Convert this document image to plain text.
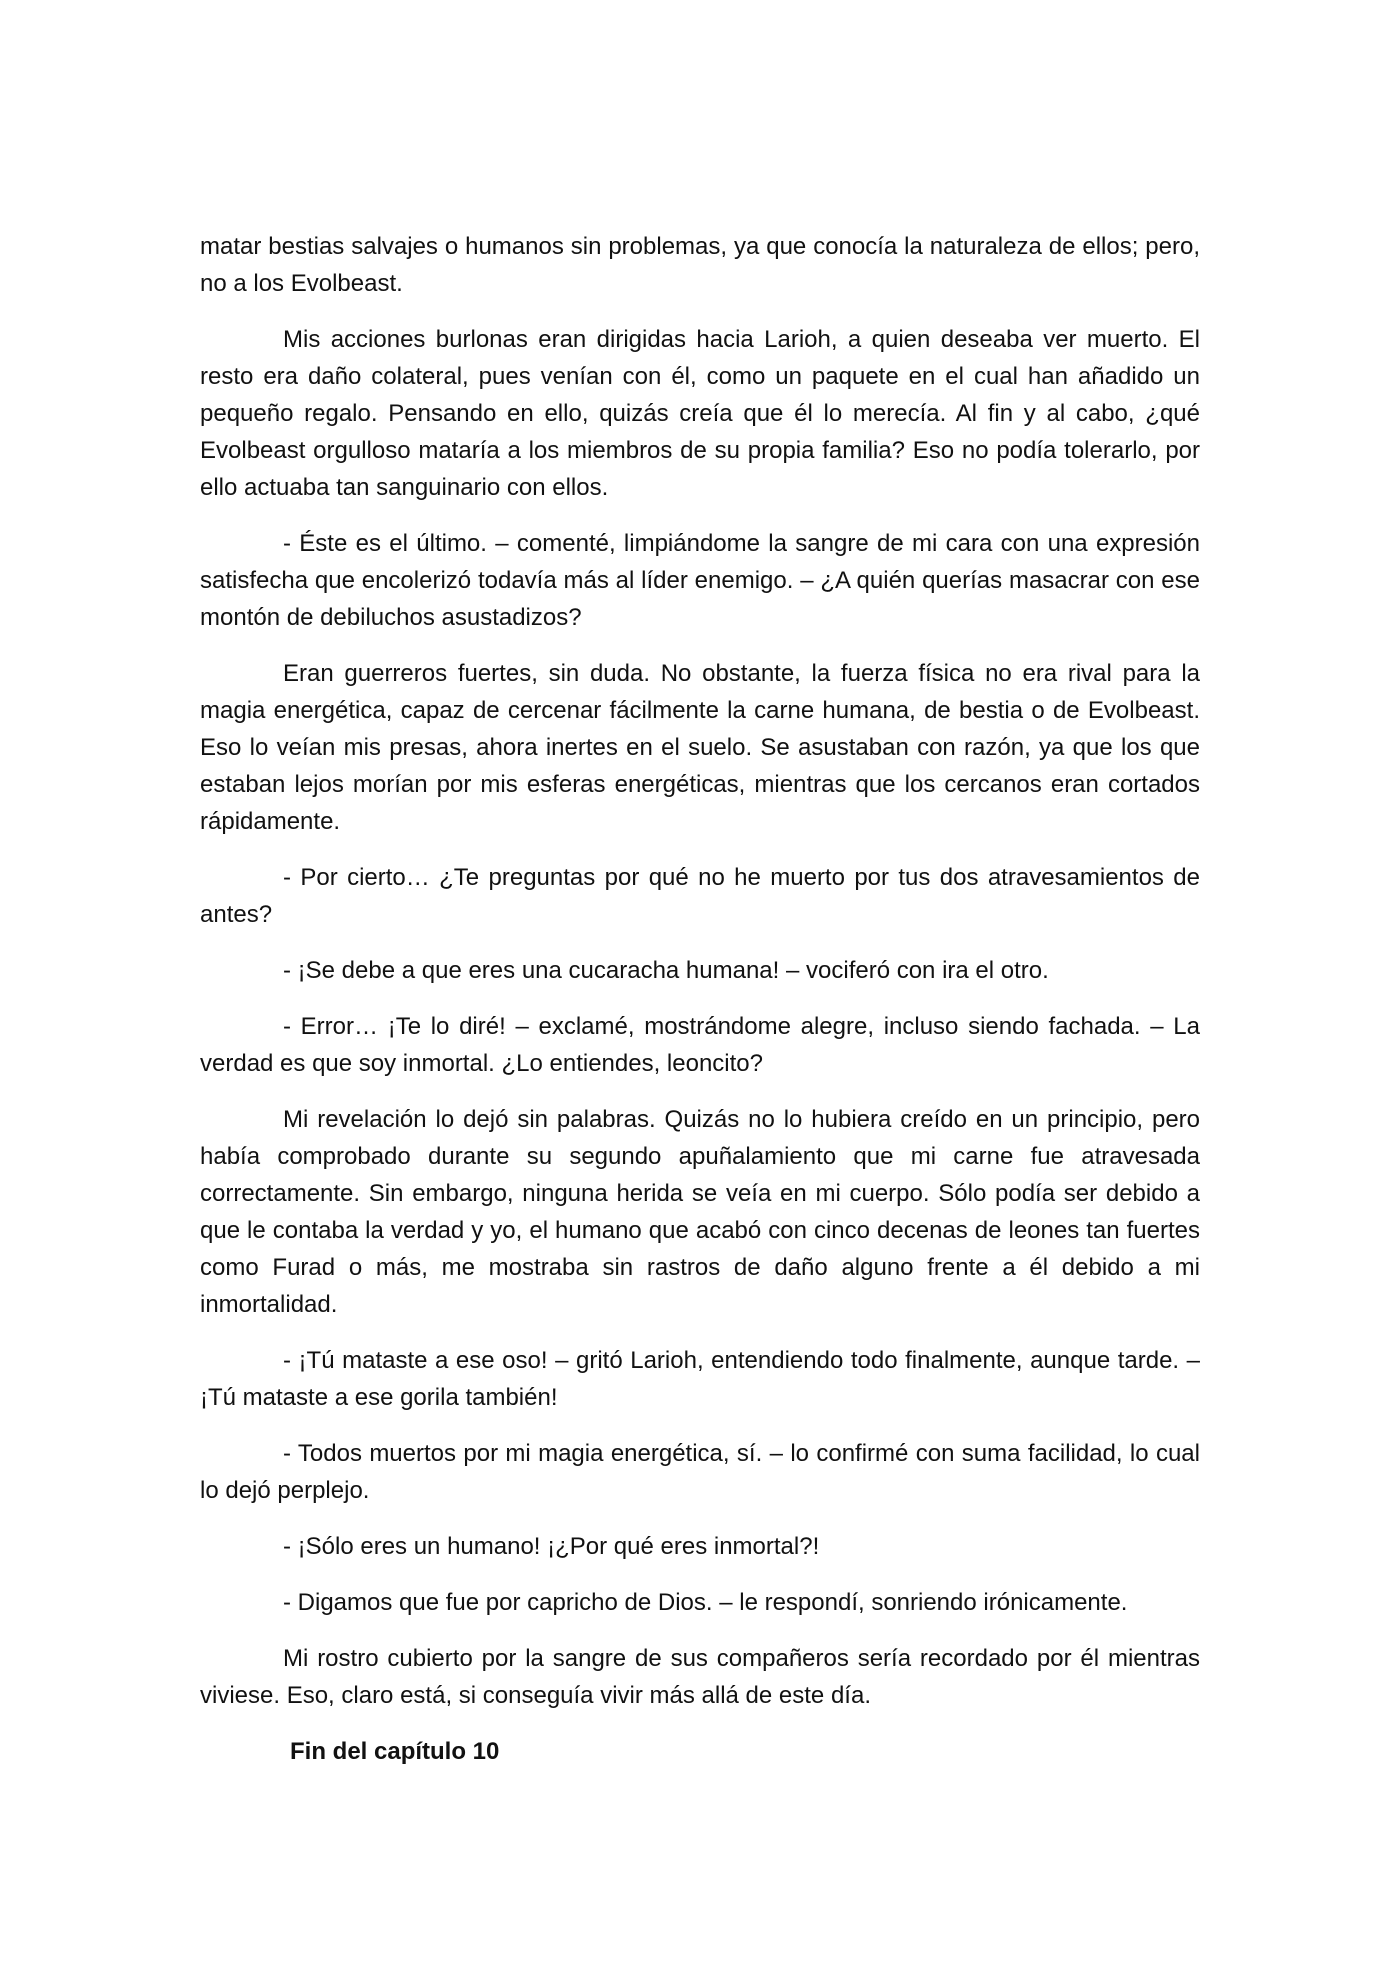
matar bestias salvajes o humanos sin problemas, ya que conocía la naturaleza de ellos; pero, no a los Evolbeast.

Mis acciones burlonas eran dirigidas hacia Larioh, a quien deseaba ver muerto. El resto era daño colateral, pues venían con él, como un paquete en el cual han añadido un pequeño regalo. Pensando en ello, quizás creía que él lo merecía. Al fin y al cabo, ¿qué Evolbeast orgulloso mataría a los miembros de su propia familia? Eso no podía tolerarlo, por ello actuaba tan sanguinario con ellos.

- Éste es el último. – comenté, limpiándome la sangre de mi cara con una expresión satisfecha que encolerizó todavía más al líder enemigo. – ¿A quién querías masacrar con ese montón de debiluchos asustadizos?

Eran guerreros fuertes, sin duda. No obstante, la fuerza física no era rival para la magia energética, capaz de cercenar fácilmente la carne humana, de bestia o de Evolbeast. Eso lo veían mis presas, ahora inertes en el suelo. Se asustaban con razón, ya que los que estaban lejos morían por mis esferas energéticas, mientras que los cercanos eran cortados rápidamente.

- Por cierto… ¿Te preguntas por qué no he muerto por tus dos atravesamientos de antes?

- ¡Se debe a que eres una cucaracha humana! – vociferó con ira el otro.

- Error… ¡Te lo diré! – exclamé, mostrándome alegre, incluso siendo fachada. – La verdad es que soy inmortal. ¿Lo entiendes, leoncito?

Mi revelación lo dejó sin palabras. Quizás no lo hubiera creído en un principio, pero había comprobado durante su segundo apuñalamiento que mi carne fue atravesada correctamente. Sin embargo, ninguna herida se veía en mi cuerpo. Sólo podía ser debido a que le contaba la verdad y yo, el humano que acabó con cinco decenas de leones tan fuertes como Furad o más, me mostraba sin rastros de daño alguno frente a él debido a mi inmortalidad.

- ¡Tú mataste a ese oso! – gritó Larioh, entendiendo todo finalmente, aunque tarde. – ¡Tú mataste a ese gorila también!

- Todos muertos por mi magia energética, sí. – lo confirmé con suma facilidad, lo cual lo dejó perplejo.

- ¡Sólo eres un humano! ¡¿Por qué eres inmortal?!

- Digamos que fue por capricho de Dios. – le respondí, sonriendo irónicamente.

Mi rostro cubierto por la sangre de sus compañeros sería recordado por él mientras viviese. Eso, claro está, si conseguía vivir más allá de este día.

Fin del capítulo 10
